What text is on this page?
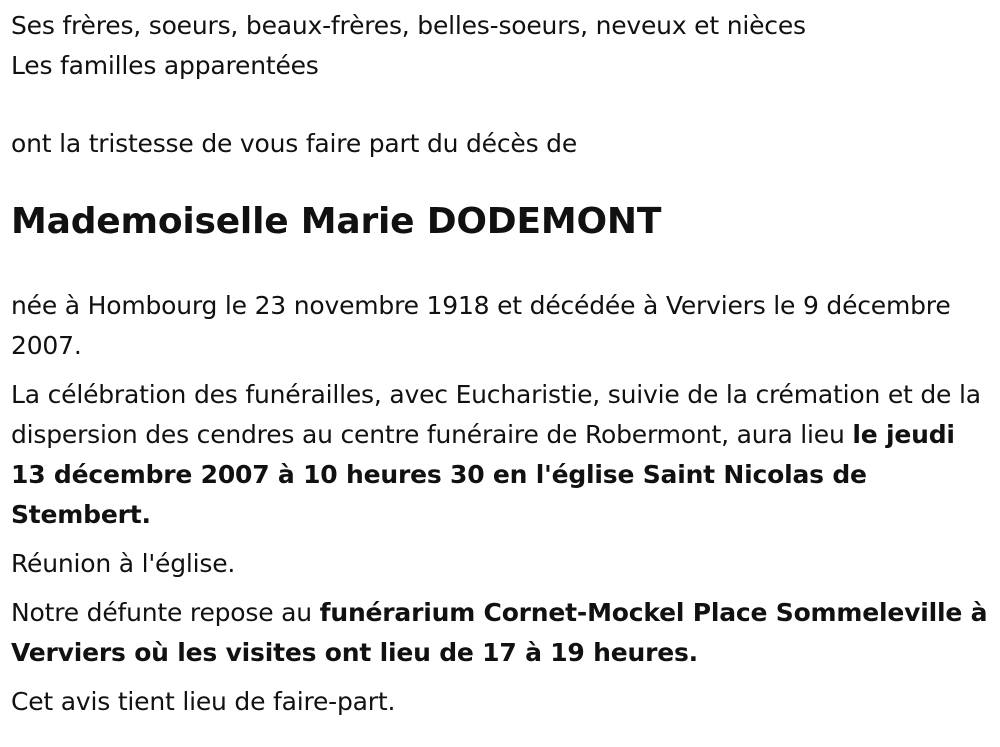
Ses frères, soeurs, beaux-frères, belles-soeurs, neveux et nièces

Les familles apparentées

ont la tristesse de vous faire part du décès de

Mademoiselle Marie DODEMONT

née à Hombourg le 23 novembre 1918 et décédée à Verviers le 9 décembre 2007.

La célébration des funérailles, avec Eucharistie, suivie de la crémation et de la dispersion des cendres au centre funéraire de Robermont, aura lieu le jeudi 13 décembre 2007 à 10 heures 30 en l'église Saint Nicolas de Stembert.

Réunion à l'église.

Notre défunte repose au funérarium Cornet-Mockel Place Sommeleville à Verviers où les visites ont lieu de 17 à 19 heures.

Cet avis tient lieu de faire-part.
